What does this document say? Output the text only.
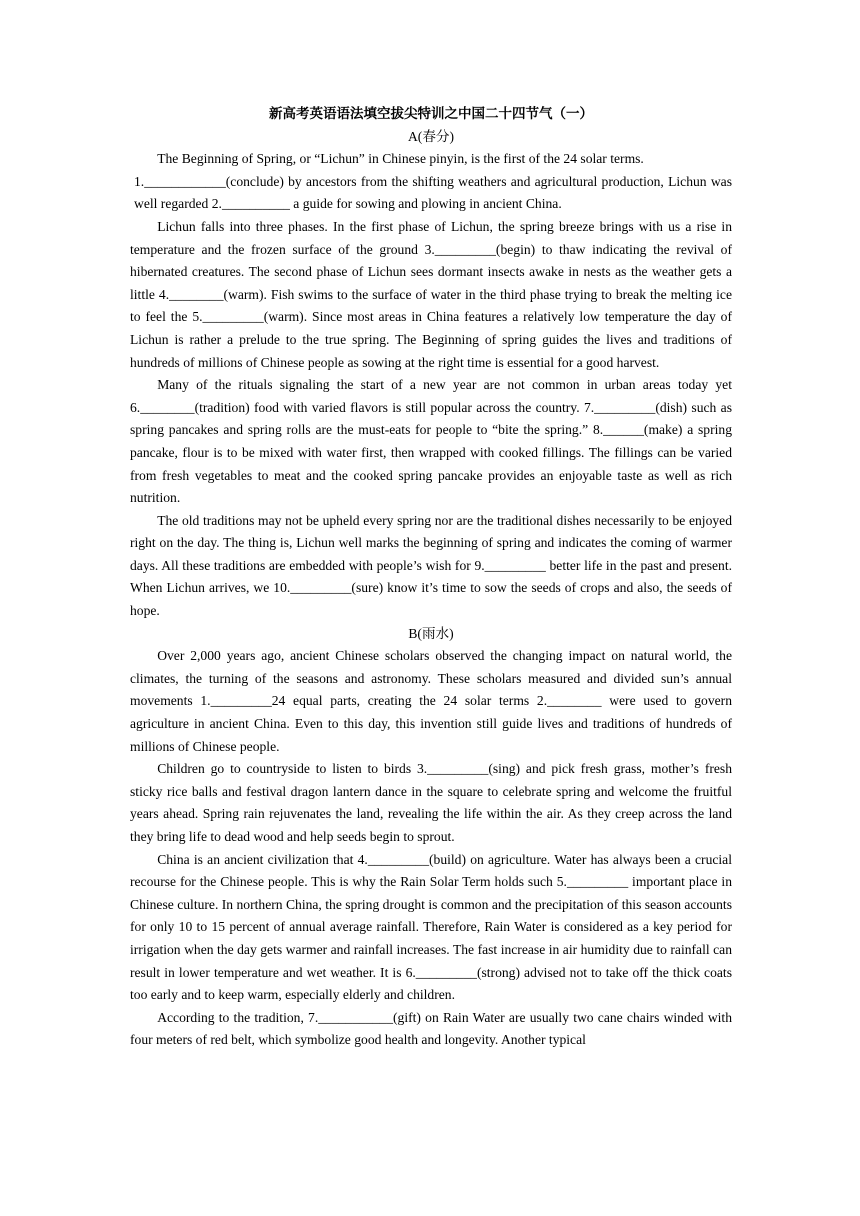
新高考英语语法填空拔尖特训之中国二十四节气（一）

A(春分)

The Beginning of Spring, or “Lichun” in Chinese pinyin, is the first of the 24 solar terms.

1.____________(conclude) by ancestors from the shifting weathers and agricultural production, Lichun was well regarded 2.__________ a guide for sowing and plowing in ancient China.

Lichun falls into three phases. In the first phase of Lichun, the spring breeze brings with us a rise in temperature and the frozen surface of the ground 3._________(begin) to thaw indicating the revival of hibernated creatures. The second phase of Lichun sees dormant insects awake in nests as the weather gets a little 4.________(warm). Fish swims to the surface of water in the third phase trying to break the melting ice to feel the 5._________(warm). Since most areas in China features a relatively low temperature the day of Lichun is rather a prelude to the true spring. The Beginning of spring guides the lives and traditions of hundreds of millions of Chinese people as sowing at the right time is essential for a good harvest.

Many of the rituals signaling the start of a new year are not common in urban areas today yet 6.________(tradition) food with varied flavors is still popular across the country. 7._________(dish) such as spring pancakes and spring rolls are the must-eats for people to “bite the spring.” 8.______(make) a spring pancake, flour is to be mixed with water first, then wrapped with cooked fillings. The fillings can be varied from fresh vegetables to meat and the cooked spring pancake provides an enjoyable taste as well as rich nutrition.

The old traditions may not be upheld every spring nor are the traditional dishes necessarily to be enjoyed right on the day. The thing is, Lichun well marks the beginning of spring and indicates the coming of warmer days. All these traditions are embedded with people’s wish for 9._________ better life in the past and present. When Lichun arrives, we 10._________(sure) know it’s time to sow the seeds of crops and also, the seeds of hope.

B(雨水)

Over 2,000 years ago, ancient Chinese scholars observed the changing impact on natural world, the climates, the turning of the seasons and astronomy. These scholars measured and divided sun’s annual movements 1._________24 equal parts, creating the 24 solar terms 2.________ were used to govern agriculture in ancient China. Even to this day, this invention still guide lives and traditions of hundreds of millions of Chinese people.

Children go to countryside to listen to birds 3._________(sing) and pick fresh grass, mother’s fresh sticky rice balls and festival dragon lantern dance in the square to celebrate spring and welcome the fruitful years ahead. Spring rain rejuvenates the land, revealing the life within the air. As they creep across the land they bring life to dead wood and help seeds begin to sprout.

China is an ancient civilization that 4._________(build) on agriculture. Water has always been a crucial recourse for the Chinese people. This is why the Rain Solar Term holds such 5._________ important place in Chinese culture. In northern China, the spring drought is common and the precipitation of this season accounts for only 10 to 15 percent of annual average rainfall. Therefore, Rain Water is considered as a key period for irrigation when the day gets warmer and rainfall increases. The fast increase in air humidity due to rainfall can result in lower temperature and wet weather. It is 6._________(strong) advised not to take off the thick coats too early and to keep warm, especially elderly and children.

According to the tradition, 7.___________(gift) on Rain Water are usually two cane chairs winded with four meters of red belt, which symbolize good health and longevity. Another typical
